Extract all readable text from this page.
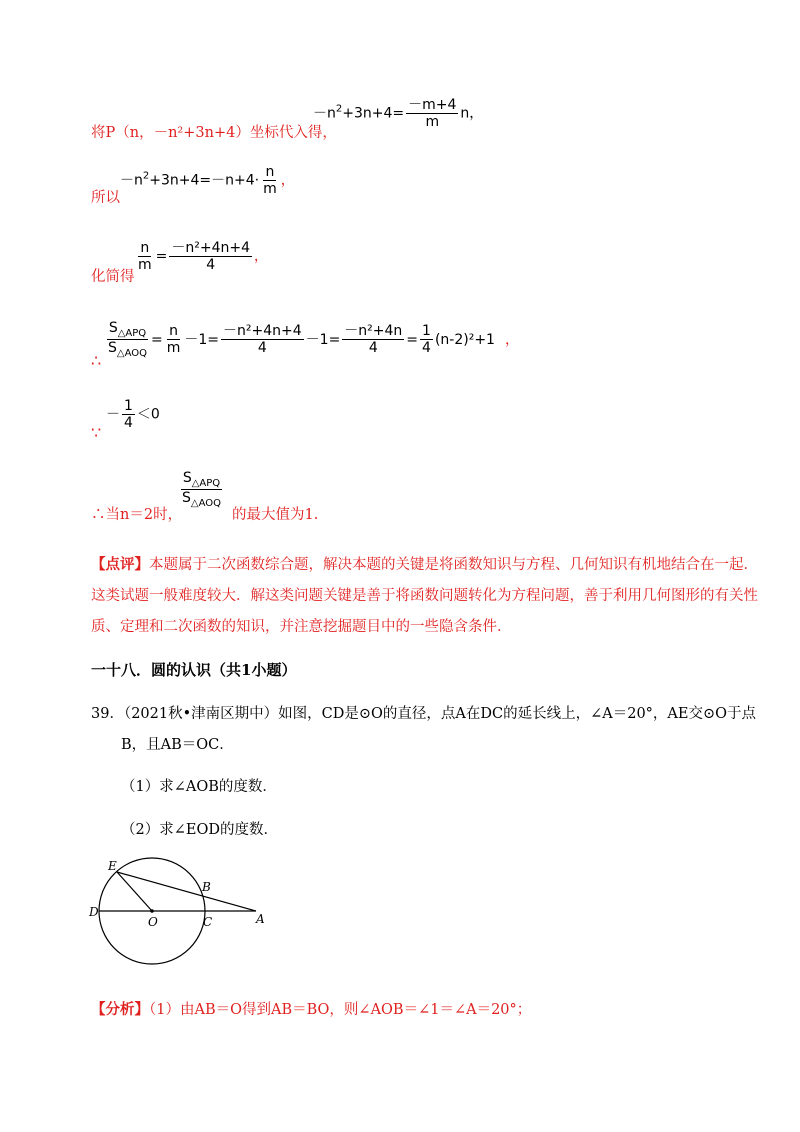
将P（n，－n²+3n+4）坐标代入得，
$-n^2+3n+4= \frac{-m+4}{m}$ n，
所以
$-n^2+3n+4=-n+4\cdot \frac{n}{m}$ ，
化简得
$\frac{n}{m} = \frac{\text{－n²+4n+4}}{4}$ ，
∴
$\frac{S_{\triangle APQ}}{S_{\triangle AOQ}} = \frac{n}{m} -1= \frac{\text{－n²+4n+4}}{4} -1= \frac{\text{－n²+4n}}{4} = \frac{1}{4} (n-2)^2+1$ ，
∵
－ $\frac{1}{4} <0$
∴当n＝2时，
$\frac{S_{\triangle APQ}}{S_{\triangle AOQ}}$
的最大值为1.
【点评】本题属于二次函数综合题，解决本题的关键是将函数知识与方程、几何知识有机地结合在一起．这类试题一般难度较大．解这类问题关键是善于将函数问题转化为方程问题，善于利用几何图形的有关性质、定理和二次函数的知识，并注意挖掘题目中的一些隐含条件．
一十八．圆的认识（共1小题）
39．（2021秋•津南区期中）如图，CD是⊙O的直径，点A在DC的延长线上，∠A＝20°，AE交⊙O于点
B，且AB＝OC．
（1）求∠AOB的度数．
（2）求∠EOD的度数．
E
B
D
O	C	A
【分析】（1）由AB＝O得到AB＝BO，则∠AOB＝∠1＝∠A＝20°；
